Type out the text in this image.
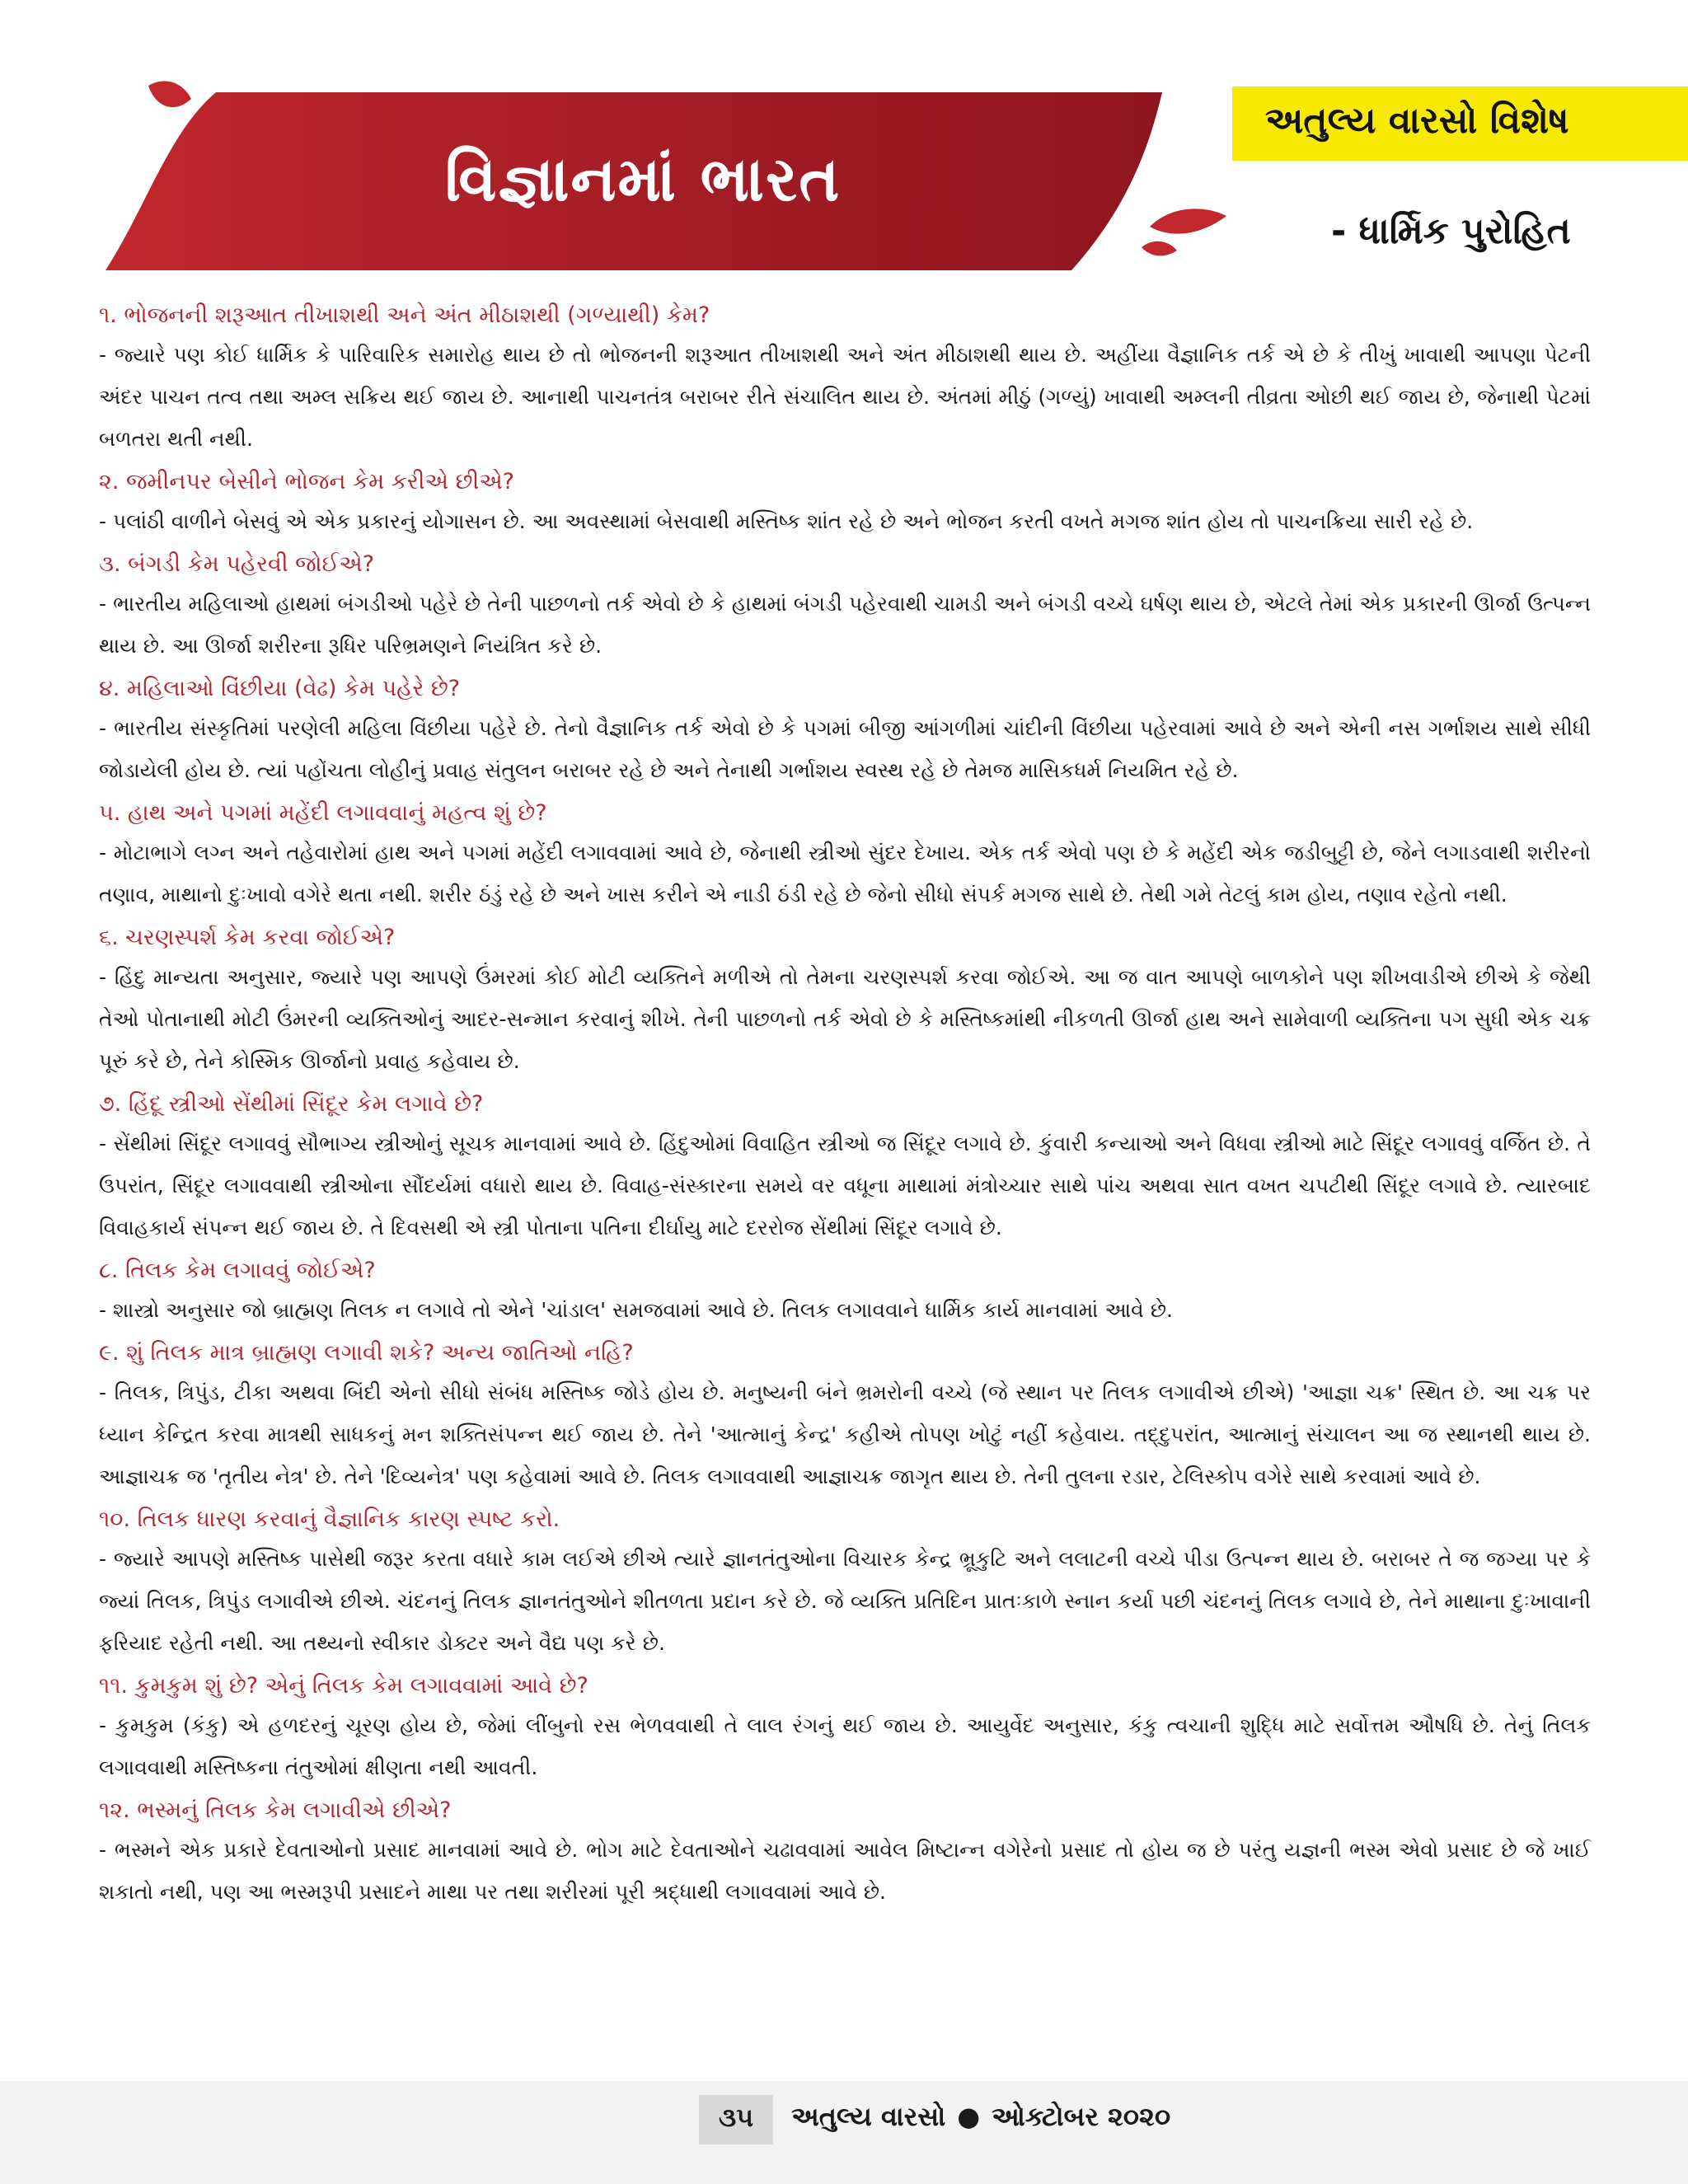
વિજ્ઞાનમાં ભારત
અતુલ્ય વારસો વિશેષ
- ધાર્મિક પુરોહિત
૧. ભોજનની શરૂઆત તીખાશથી અને અંત મીઠાશથી (ગળ્યાથી) કેમ?
- જ્યારે પણ કોઈ ધાર્મિક કે પારિવારિક સમારોહ થાય છે તો ભોજનની શરૂઆત તીખાશથી અને અંત મીઠાશથી થાય છે. અહીંયા વૈજ્ઞાનિક તર્ક એ છે કે તીખું ખાવાથી આપણા પેટની અંદર પાચન તત્વ તથા અમ્લ સક્રિય થઈ જાય છે. આનાથી પાચનતંત્ર બરાબર રીતે સંચાલિત થાય છે. અંતમાં મીઠું (ગળ્યું) ખાવાથી અમ્લની તીવ્રતા ઓછી થઈ જાય છે, જેનાથી પેટમાં બળતરા થતી નથી.
૨. જમીનપર બેસીને ભોજન કેમ કરીએ છીએ?
- પલાંઠી વાળીને બેસવું એ એક પ્રકારનું યોગાસન છે. આ અવસ્થામાં બેસવાથી મસ્તિષ્ક શાંત રહે છે અને ભોજન કરતી વખતે મગજ શાંત હોય તો પાચનક્રિયા સારી રહે છે.
૩. બંગડી કેમ પહેરવી જોઈએ?
- ભારતીય મહિલાઓ હાથમાં બંગડીઓ પહેરે છે તેની પાછળનો તર્ક એવો છે કે હાથમાં બંગડી પહેરવાથી ચામડી અને બંગડી વચ્ચે ઘર્ષણ થાય છે, એટલે તેમાં એક પ્રકારની ઊર્જા ઉત્પન્ન થાય છે. આ ઊર્જા શરીરના રૂધિર પરિભ્રમણને નિયંત્રિત કરે છે.
૪. મહિલાઓ વિંછીયા (વેઢ) કેમ પહેરે છે?
- ભારતીય સંસ્કૃતિમાં પરણેલી મહિલા વિંછીયા પહેરે છે. તેનો વૈજ્ઞાનિક તર્ક એવો છે કે પગમાં બીજી આંગળીમાં ચાંદીની વિંછીયા પહેરવામાં આવે છે અને એની નસ ગર્ભાશય સાથે સીધી જોડાયેલી હોય છે. ત્યાં પહોંચતા લોહીનું પ્રવાહ સંતુલન બરાબર રહે છે અને તેનાથી ગર્ભાશય સ્વસ્થ રહે છે તેમજ માસિકધર્મ નિયમિત રહે છે.
૫. હાથ અને પગમાં મહેંદી લગાવવાનું મહત્વ શું છે?
- મોટાભાગે લગ્ન અને તહેવારોમાં હાથ અને પગમાં મહેંદી લગાવવામાં આવે છે, જેનાથી સ્ત્રીઓ સુંદર દેખાય. એક તર્ક એવો પણ છે કે મહેંદી એક જડીબુટ્ટી છે, જેને લગાડવાથી શરીરનો તણાવ, માથાનો દુઃખાવો વગેરે થતા નથી. શરીર ઠંડું રહે છે અને ખાસ કરીને એ નાડી ઠંડી રહે છે જેનો સીધો સંપર્ક મગજ સાથે છે. તેથી ગમે તેટલું કામ હોય, તણાવ રહેતો નથી.
૬. ચરણસ્પર્શ કેમ કરવા જોઈએ?
- હિંદુ માન્યતા અનુસાર, જ્યારે પણ આપણે ઉંમરમાં કોઈ મોટી વ્યક્તિને મળીએ તો તેમના ચરણસ્પર્શ કરવા જોઈએ. આ જ વાત આપણે બાળકોને પણ શીખવાડીએ છીએ કે જેથી તેઓ પોતાનાથી મોટી ઉંમરની વ્યક્તિઓનું આદર-સન્માન કરવાનું શીખે. તેની પાછળનો તર્ક એવો છે કે મસ્તિષ્કમાંથી નીકળતી ઊર્જા હાથ અને સામેવાળી વ્યક્તિના પગ સુધી એક ચક્ર પૂરું કરે છે, તેને કોસ્મિક ઊર્જાનો પ્રવાહ કહેવાય છે.
૭. હિંદૂ સ્ત્રીઓ સેંથીમાં સિંદૂર કેમ લગાવે છે?
- સેંથીમાં સિંદૂર લગાવવું સૌભાગ્ય સ્ત્રીઓનું સૂચક માનવામાં આવે છે. હિંદુઓમાં વિવાહિત સ્ત્રીઓ જ સિંદૂર લગાવે છે. કુંવારી કન્યાઓ અને વિધવા સ્ત્રીઓ માટે સિંદૂર લગાવવું વર્જિત છે. તે ઉપરાંત, સિંદૂર લગાવવાથી સ્ત્રીઓના સૌંદર્યમાં વધારો થાય છે. વિવાહ-સંસ્કારના સમયે વર વધૂના માથામાં મંત્રોચ્ચાર સાથે પાંચ અથવા સાત વખત ચપટીથી સિંદૂર લગાવે છે. ત્યારબાદ વિવાહકાર્ય સંપન્ન થઈ જાય છે. તે દિવસથી એ સ્ત્રી પોતાના પતિના દીર્ઘાયુ માટે દરરોજ સેંથીમાં સિંદૂર લગાવે છે.
૮. તિલક કેમ લગાવવું જોઈએ?
- શાસ્ત્રો અનુસાર જો બ્રાહ્મણ તિલક ન લગાવે તો એને 'ચાંડાલ' સમજવામાં આવે છે. તિલક લગાવવાને ધાર્મિક કાર્ય માનવામાં આવે છે.
૯. શું તિલક માત્ર બ્રાહ્મણ લગાવી શકે? અન્ય જાતિઓ નહિ?
- તિલક, ત્રિપુંડ, ટીકા અથવા બિંદી એનો સીધો સંબંધ મસ્તિષ્ક જોડે હોય છે. મનુષ્યની બંને ભ્રમરોની વચ્ચે (જે સ્થાન પર તિલક લગાવીએ છીએ) 'આજ્ઞા ચક્ર' સ્થિત છે. આ ચક્ર પર ધ્યાન કેન્દ્રિત કરવા માત્રથી સાધકનું મન શક્તિસંપન્ન થઈ જાય છે. તેને 'આત્માનું કેન્દ્ર' કહીએ તોપણ ખોટું નહીં કહેવાય. તદ્દુપરાંત, આત્માનું સંચાલન આ જ સ્થાનથી થાય છે. આજ્ઞાચક્ર જ 'તૃતીય નેત્ર' છે. તેને 'દિવ્યનેત્ર' પણ કહેવામાં આવે છે. તિલક લગાવવાથી આજ્ઞાચક્ર જાગૃત થાય છે. તેની તુલના રડાર, ટેલિસ્કોપ વગેરે સાથે કરવામાં આવે છે.
૧૦. તિલક ધારણ કરવાનું વૈજ્ઞાનિક કારણ સ્પષ્ટ કરો.
- જ્યારે આપણે મસ્તિષ્ક પાસેથી જરૂર કરતા વધારે કામ લઈએ છીએ ત્યારે જ્ઞાનતંતુઓના વિચારક કેન્દ્ર ભ્રૂકુટિ અને લલાટની વચ્ચે પીડા ઉત્પન્ન થાય છે. બરાબર તે જ જગ્યા પર કે જ્યાં તિલક, ત્રિપુંડ લગાવીએ છીએ. ચંદનનું તિલક જ્ઞાનતંતુઓને શીતળતા પ્રદાન કરે છે. જે વ્યક્તિ પ્રતિદિન પ્રાતઃકાળે સ્નાન કર્યા પછી ચંદનનું તિલક લગાવે છે, તેને માથાના દુઃખાવાની ફરિયાદ રહેતી નથી. આ તથ્યનો સ્વીકાર ડોક્ટર અને વૈદ્ય પણ કરે છે.
૧૧. કુમકુમ શું છે? એનું તિલક કેમ લગાવવામાં આવે છે?
- કુમકુમ (કંકુ) એ હળદરનું ચૂરણ હોય છે, જેમાં લીંબુનો રસ ભેળવવાથી તે લાલ રંગનું થઈ જાય છે. આયુર્વેદ અનુસાર, કંકુ ત્વચાની શુદ્ધિ માટે સર્વોત્તમ ઔષધિ છે. તેનું તિલક લગાવવાથી મસ્તિષ્કના તંતુઓમાં ક્ષીણતા નથી આવતી.
૧૨. ભસ્મનું તિલક કેમ લગાવીએ છીએ?
- ભસ્મને એક પ્રકારે દેવતાઓનો પ્રસાદ માનવામાં આવે છે. ભોગ માટે દેવતાઓને ચઢાવવામાં આવેલ મિષ્ટાન્ન વગેરેનો પ્રસાદ તો હોય જ છે પરંતુ યજ્ઞની ભસ્મ એવો પ્રસાદ છે જે ખાઈ શકાતો નથી, પણ આ ભસ્મરૂપી પ્રસાદને માથા પર તથા શરીરમાં પૂરી શ્રદ્ધાથી લગાવવામાં આવે છે.
૩૫	અતુલ્ય વારસો ● ઓક્ટોબર ૨૦૨૦
